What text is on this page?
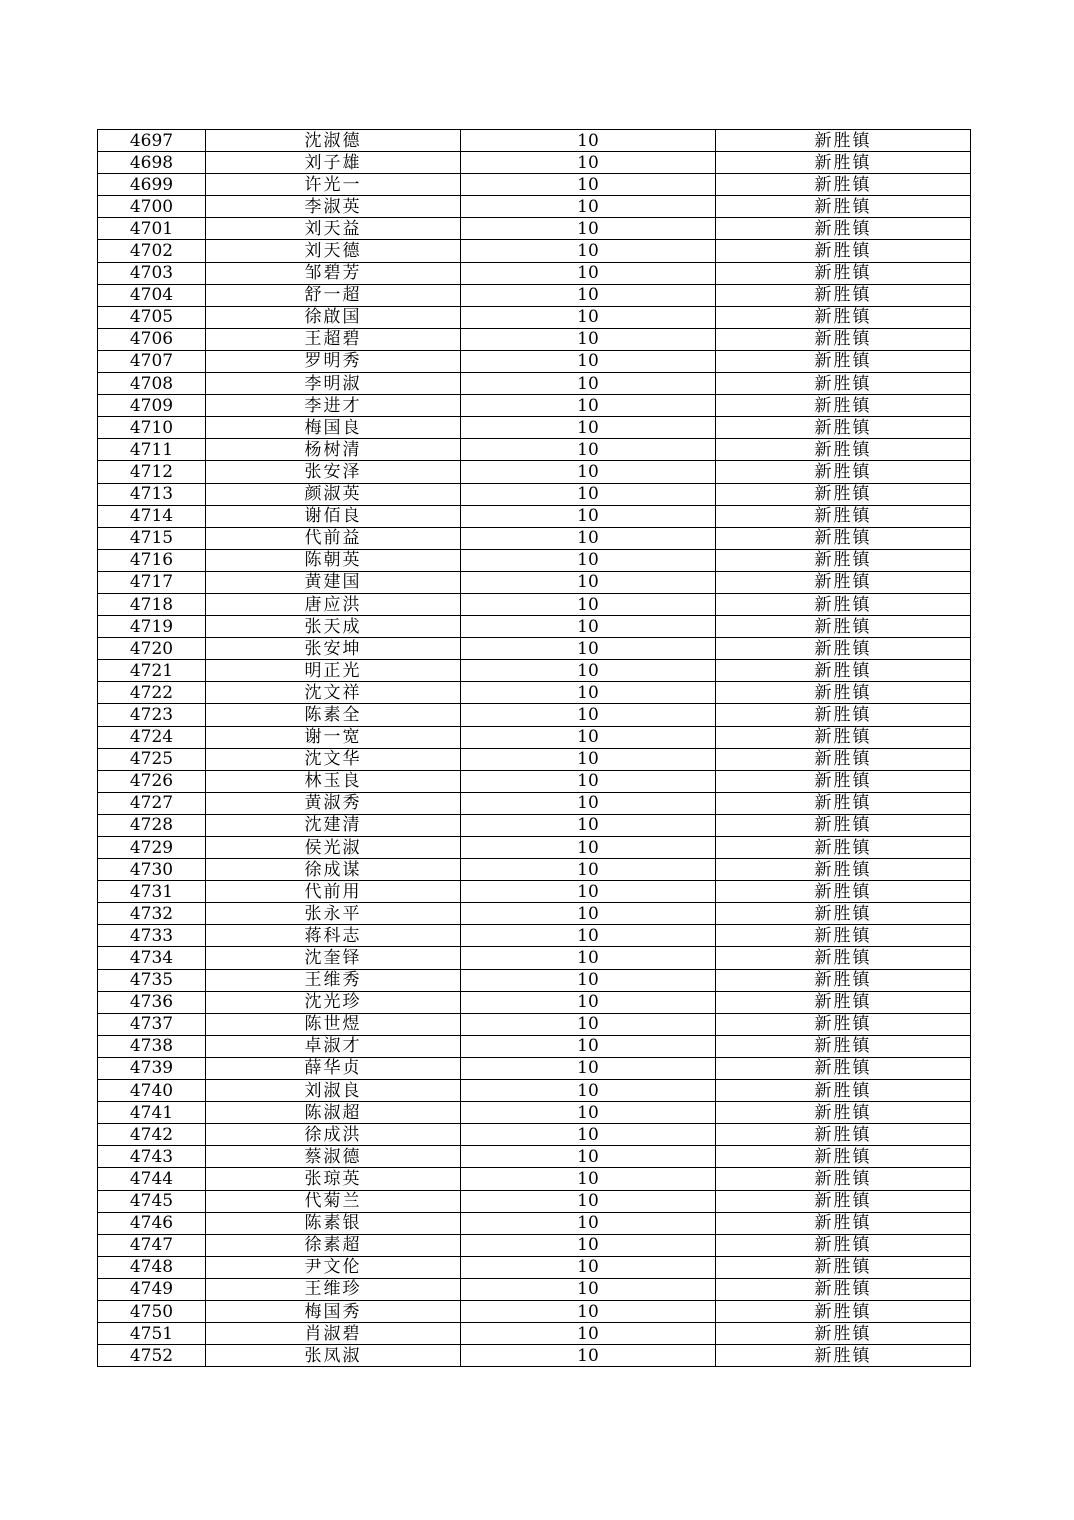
4697	沈淑德	10	新胜镇
4698	刘子雄	10	新胜镇
4699	许光一	10	新胜镇
4700	李淑英	10	新胜镇
4701	刘天益	10	新胜镇
4702	刘天德	10	新胜镇
4703	邹碧芳	10	新胜镇
4704	舒一超	10	新胜镇
4705	徐啟国	10	新胜镇
4706	王超碧	10	新胜镇
4707	罗明秀	10	新胜镇
4708	李明淑	10	新胜镇
4709	李进才	10	新胜镇
4710	梅国良	10	新胜镇
4711	杨树清	10	新胜镇
4712	张安泽	10	新胜镇
4713	颜淑英	10	新胜镇
4714	谢佰良	10	新胜镇
4715	代前益	10	新胜镇
4716	陈朝英	10	新胜镇
4717	黄建国	10	新胜镇
4718	唐应洪	10	新胜镇
4719	张天成	10	新胜镇
4720	张安坤	10	新胜镇
4721	明正光	10	新胜镇
4722	沈文祥	10	新胜镇
4723	陈素全	10	新胜镇
4724	谢一宽	10	新胜镇
4725	沈文华	10	新胜镇
4726	林玉良	10	新胜镇
4727	黄淑秀	10	新胜镇
4728	沈建清	10	新胜镇
4729	侯光淑	10	新胜镇
4730	徐成谋	10	新胜镇
4731	代前用	10	新胜镇
4732	张永平	10	新胜镇
4733	蒋科志	10	新胜镇
4734	沈奎铎	10	新胜镇
4735	王维秀	10	新胜镇
4736	沈光珍	10	新胜镇
4737	陈世煜	10	新胜镇
4738	卓淑才	10	新胜镇
4739	薛华贞	10	新胜镇
4740	刘淑良	10	新胜镇
4741	陈淑超	10	新胜镇
4742	徐成洪	10	新胜镇
4743	蔡淑德	10	新胜镇
4744	张琼英	10	新胜镇
4745	代菊兰	10	新胜镇
4746	陈素银	10	新胜镇
4747	徐素超	10	新胜镇
4748	尹文伦	10	新胜镇
4749	王维珍	10	新胜镇
4750	梅国秀	10	新胜镇
4751	肖淑碧	10	新胜镇
4752	张凤淑	10	新胜镇
